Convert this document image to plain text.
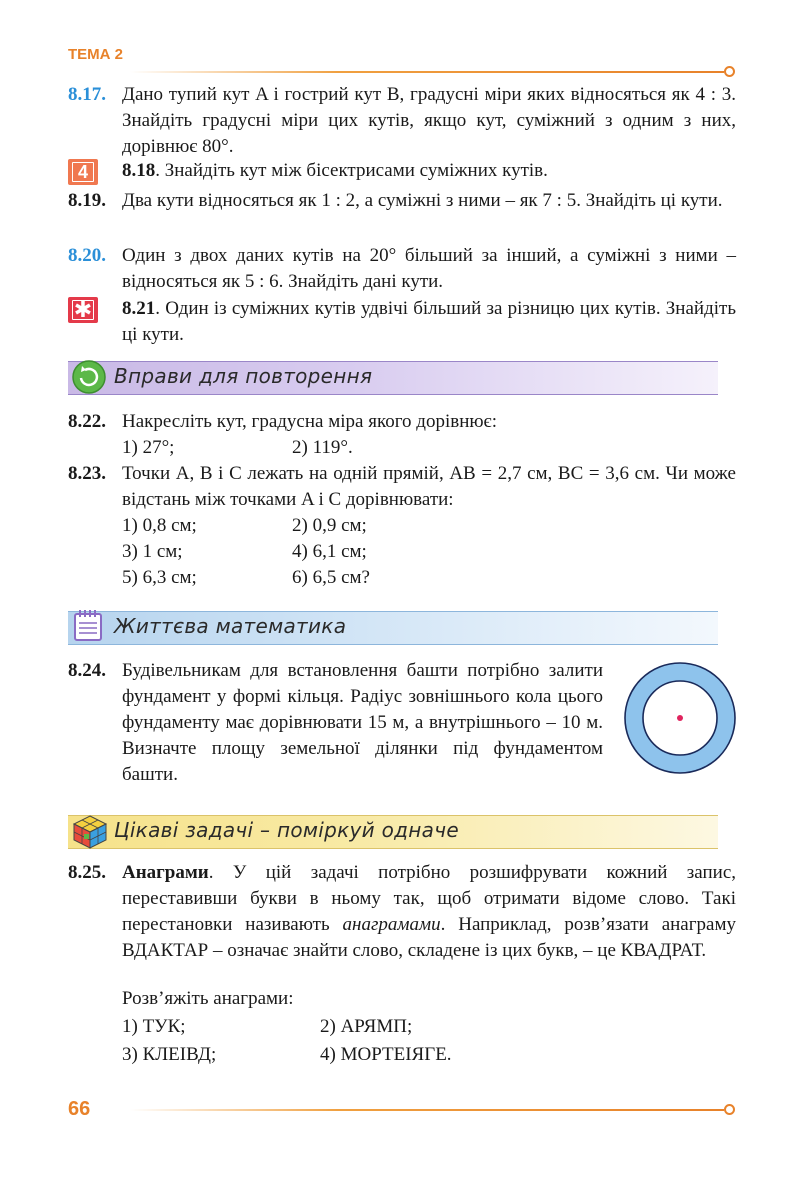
ТЕМА 2
8.17. Дано тупий кут A і гострий кут B, градусні міри яких відносяться як 4 : 3. Знайдіть градусні міри цих кутів, якщо кут, суміжний з одним з них, дорівнює 80°.
4	8.18. Знайдіть кут між бісектрисами суміжних кутів.
8.19. Два кути відносяться як 1 : 2, а суміжні з ними – як 7 : 5. Знайдіть ці кути.
8.20. Один з двох даних кутів на 20° більший за інший, а суміжні з ними – відносяться як 5 : 6. Знайдіть дані кути.
✱	8.21. Один із суміжних кутів удвічі більший за різницю цих кутів. Знайдіть ці кути.
Вправи для повторення
8.22. Накресліть кут, градусна міра якого дорівнює:
1) 27°;	2) 119°.
8.23. Точки A, B і C лежать на одній прямій, AB = 2,7 см, BC = 3,6 см. Чи може відстань між точками A і C дорівнювати:
1) 0,8 см;	2) 0,9 см;
3) 1 см;	4) 6,1 см;
5) 6,3 см;	6) 6,5 см?
Життєва математика
8.24. Будівельникам для встановлення башти потрібно залити фундамент у формі кільця. Радіус зовнішнього кола цього фундаменту має дорівнювати 15 м, а внутрішнього – 10 м. Визначте площу земельної ділянки під фундаментом башти.
Цікаві задачі – поміркуй одначе
8.25. Анаграми. У цій задачі потрібно розшифрувати кожний запис, переставивши букви в ньому так, щоб отримати відоме слово. Такі перестановки називають анаграмами. Наприклад, розв’язати анаграму ВДАКТАР – означає знайти слово, складене із цих букв, – це КВАДРАТ.
Розв’яжіть анаграми:
1) ТУК;	2) АРЯМП;
3) КЛЕІВД;	4) МОРТЕІЯГЕ.
66
